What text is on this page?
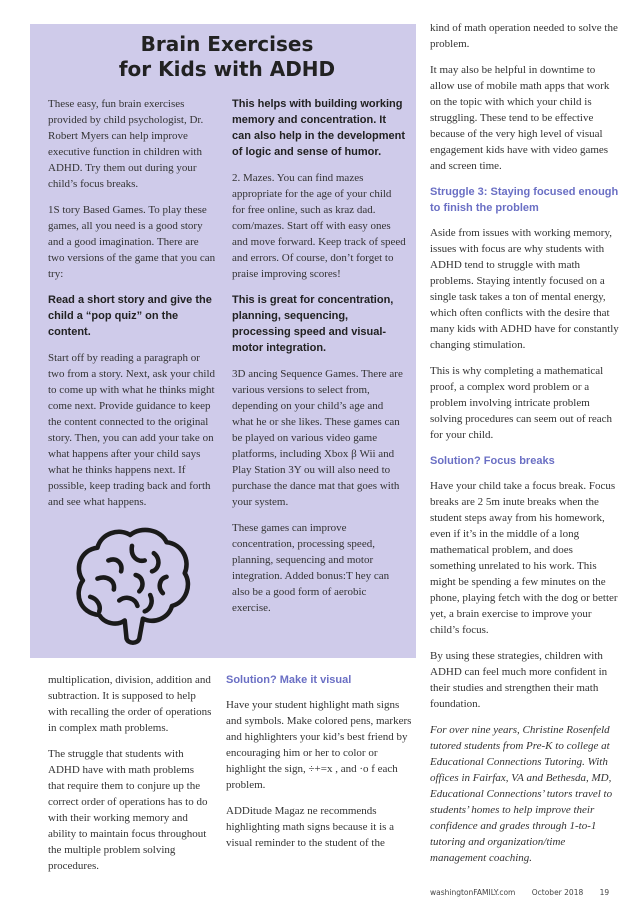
Brain Exercises
for Kids with ADHD

These easy, fun brain exercises provided by child psychologist, Dr. Robert Myers can help improve executive function in children with ADHD. Try them out during your child’s focus breaks.

1S tory Based Games. To play these games, all you need is a good story and a good imagination. There are two versions of the game that you can try:

Read a short story and give the child a “pop quiz” on the content.

Start off by reading a paragraph or two from a story. Next, ask your child to come up with what he thinks might come next. Provide guidance to keep the content connected to the original story. Then, you can add your take on what happens after your child says what he thinks happens next. If possible, keep trading back and forth and see what happens.

This helps with building working memory and concentration. It can also help in the development of logic and sense of humor.

2. Mazes. You can find mazes appropriate for the age of your child for free online, such as kraz dad. com/mazes. Start off with easy ones and move forward. Keep track of speed and errors. Of course, don’t forget to praise improving scores!

This is great for concentration, planning, sequencing, processing speed and visual-motor integration.

3D ancing Sequence Games. There are various versions to select from, depending on your child’s age and what he or she likes. These games can be played on various video game platforms, including Xbox β Wii and Play Station 3Y ou will also need to purchase the dance mat that goes with your system.

These games can improve concentration, processing speed, planning, sequencing and motor integration. Added bonus:T hey can also be a good form of aerobic exercise.

multiplication, division, addition and subtraction. It is supposed to help with recalling the order of operations in complex math problems.

The struggle that students with ADHD have with math problems that require them to conjure up the correct order of operations has to do with their working memory and ability to maintain focus throughout the multiple problem solving procedures.

Solution? Make it visual

Have your student highlight math signs and symbols. Make colored pens, markers and highlighters your kid’s best friend by encouraging him or her to color or highlight the sign, ÷+=x , and ·o f each problem.

ADDitude Magaz ne recommends highlighting math signs because it is a visual reminder to the student of the

kind of math operation needed to solve the problem.

It may also be helpful in downtime to allow use of mobile math apps that work on the topic with which your child is struggling. These tend to be effective because of the very high level of visual engagement kids have with video games and screen time.

Struggle 3: Staying focused enough to finish the problem

Aside from issues with working memory, issues with focus are why students with ADHD tend to struggle with math problems. Staying intently focused on a single task takes a ton of mental energy, which often conflicts with the desire that many kids with ADHD have for constantly changing stimulation.

This is why completing a mathematical proof, a complex word problem or a problem involving intricate problem solving procedures can seem out of reach for your child.

Solution? Focus breaks

Have your child take a focus break. Focus breaks are 2 5m inute breaks when the student steps away from his homework, even if it’s in the middle of a long mathematical problem, and does something unrelated to his work. This might be spending a few minutes on the phone, playing fetch with the dog or better yet, a brain exercise to improve your child’s focus.

By using these strategies, children with ADHD can feel much more confident in their studies and strengthen their math foundation.

For over nine years, Christine Rosenfeld tutored students from Pre-K to college at Educational Connections Tutoring. With offices in Fairfax, VA and Bethesda, MD, Educational Connections’ tutors travel to students’ homes to help improve their confidence and grades through 1-to-1 tutoring and organization/time management coaching.

washingtonFAMILY.com October 2018 19
